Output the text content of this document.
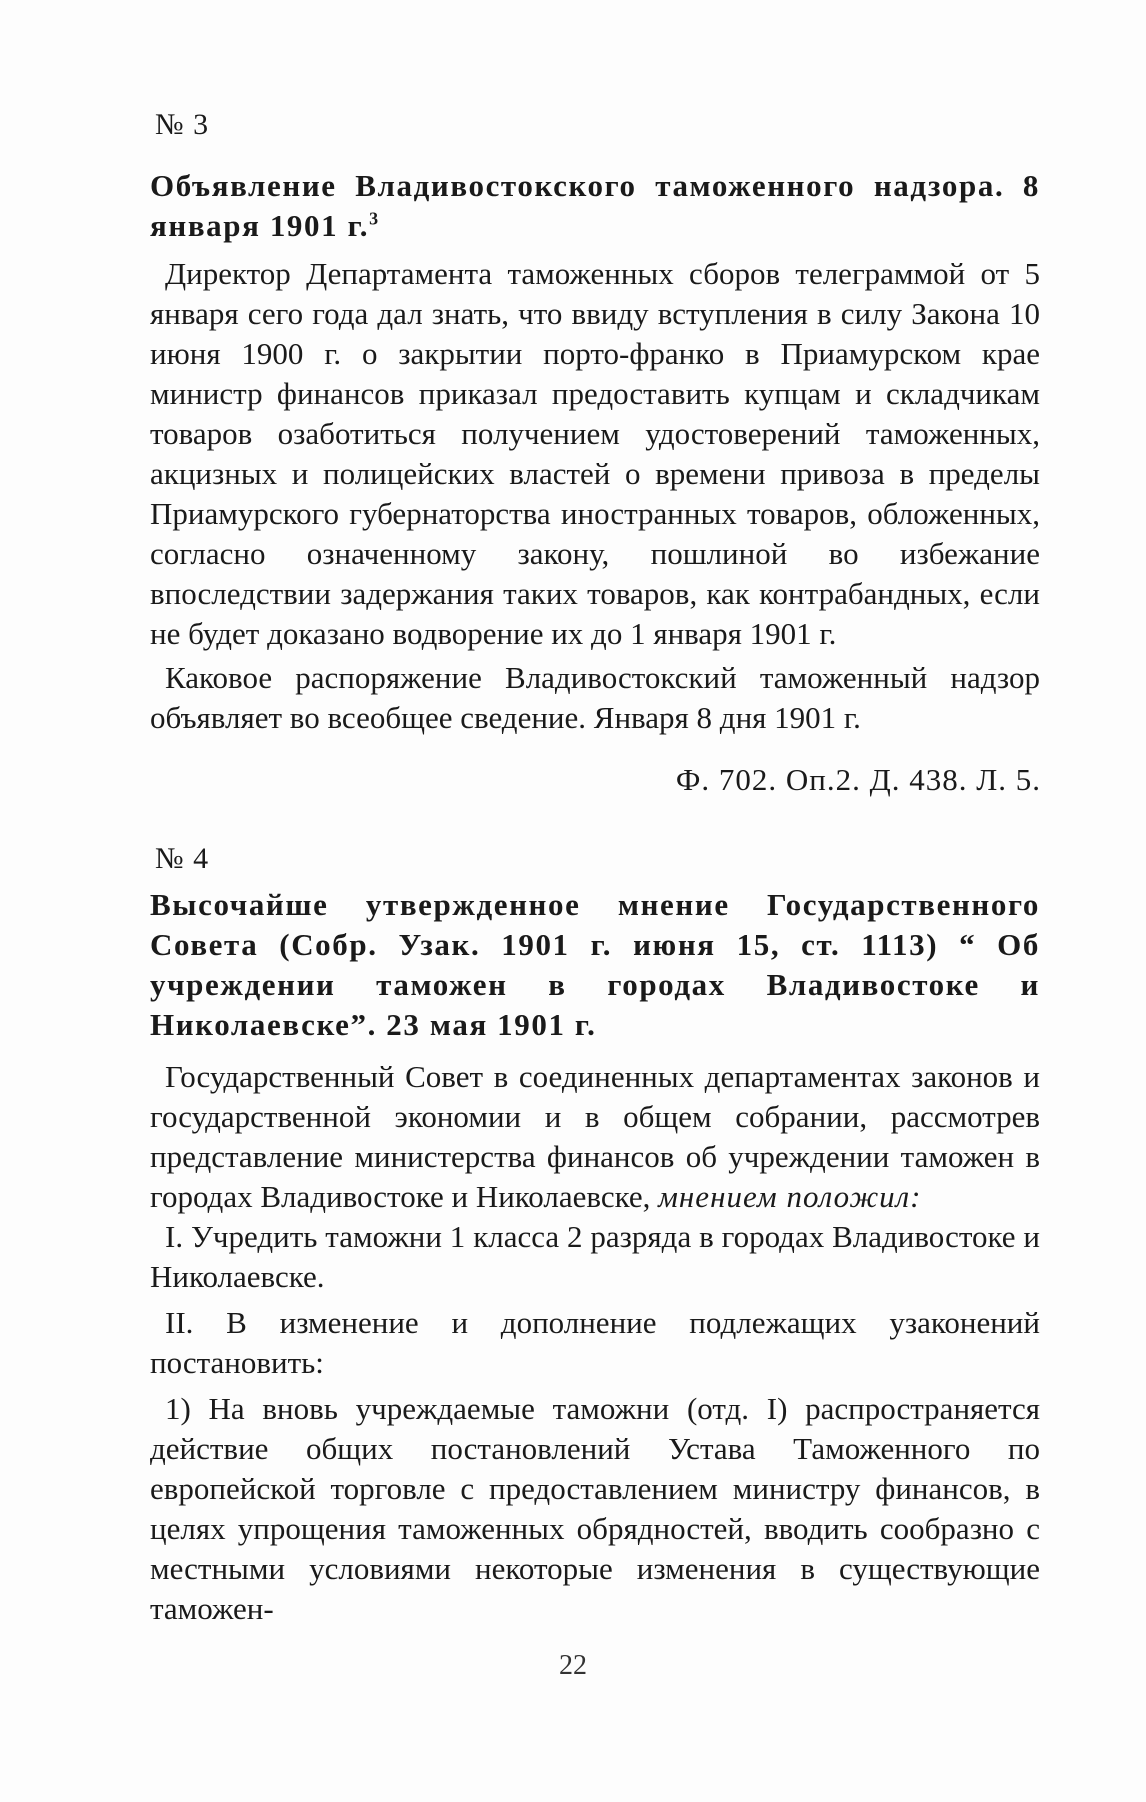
№ 3

Объявление Владивостокского таможенного надзора. 8 января 1901 г.$^3$

Директор Департамента таможенных сборов телеграммой от 5 января сего года дал знать, что ввиду вступления в силу Закона 10 июня 1900 г. о закрытии порто-франко в Приамурском крае министр финансов приказал предоставить купцам и складчикам товаров озаботиться получением удостоверений таможенных, акцизных и полицейских властей о времени привоза в пределы Приамурского губернаторства иностранных товаров, обложенных, согласно означенному закону, пошлиной во избежание впоследствии задержания таких товаров, как контрабандных, если не будет доказано водворение их до 1 января 1901 г.

Каковое распоряжение Владивостокский таможенный надзор объявляет во всеобщее сведение. Января 8 дня 1901 г.

Ф. 702. Оп.2. Д. 438. Л. 5.
№ 4

Высочайше утвержденное мнение Государственного Совета (Собр. Узак. 1901 г. июня 15, ст. 1113) “ Об учреждении таможен в городах Владивостоке и Николаевске”. 23 мая 1901 г.

Государственный Совет в соединенных департаментах законов и государственной экономии и в общем собрании, рассмотрев представление министерства финансов об учреждении таможен в городах Владивостоке и Николаевске, мнением положил:

I. Учредить таможни 1 класса 2 разряда в городах Владивостоке и Николаевске.

II. В изменение и дополнение подлежащих узаконений постановить:

1) На вновь учреждаемые таможни (отд. I) распространяется действие общих постановлений Устава Таможенного по европейской торговле с предоставлением министру финансов, в целях упрощения таможенных обрядностей, вводить сообразно с местными условиями некоторые изменения в существующие таможен-

22
